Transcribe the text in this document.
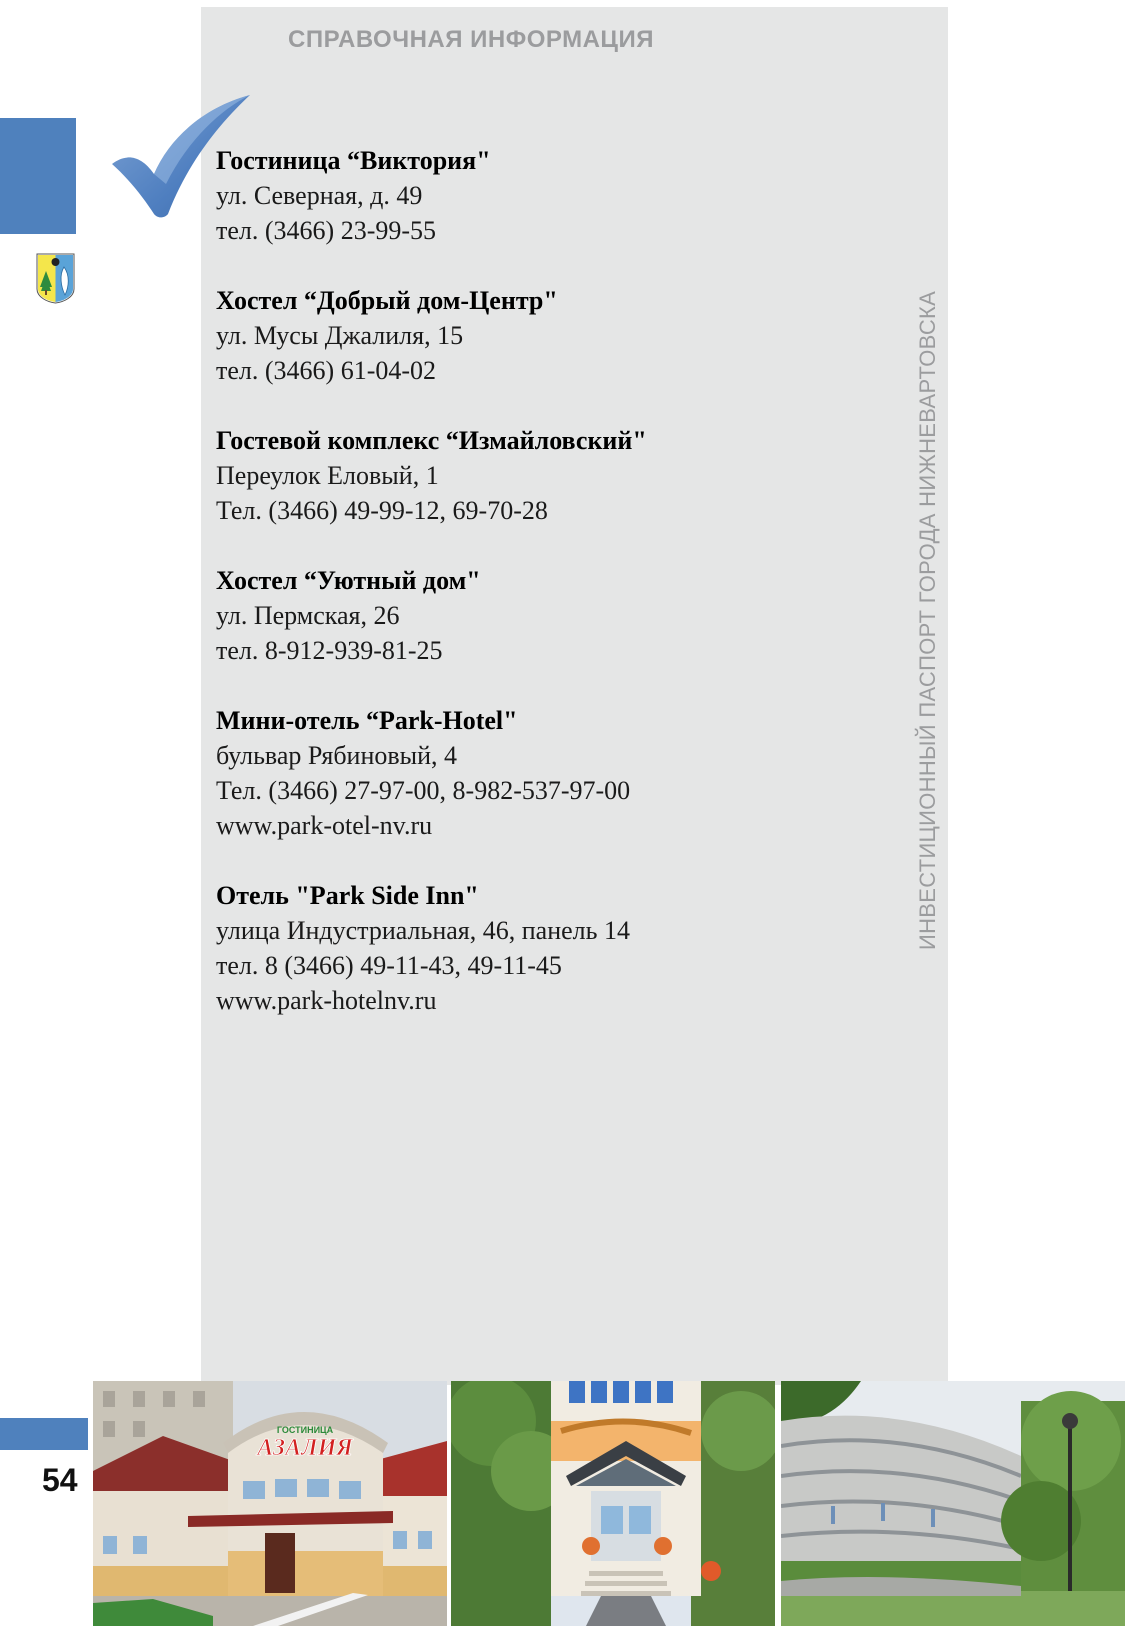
СПРАВОЧНАЯ ИНФОРМАЦИЯ
ИНВЕСТИЦИОННЫЙ ПАСПОРТ ГОРОДА НИЖНЕВАРТОВСКА
Гостиница “Виктория"
ул. Северная, д. 49
тел. (3466) 23-99-55
Хостел “Добрый дом-Центр"
ул. Мусы Джалиля, 15
тел. (3466) 61-04-02
Гостевой комплекс “Измайловский"
Переулок Еловый, 1
Тел. (3466) 49-99-12, 69-70-28
Хостел “Уютный дом"
ул. Пермская, 26
тел. 8-912-939-81-25
Мини-отель “Park-Hotel"
бульвар Рябиновый, 4
Тел. (3466) 27-97-00, 8-982-537-97-00
www.park-otel-nv.ru
Отель "Park Side Inn"
улица Индустриальная, 46, панель 14
тел. 8 (3466) 49-11-43, 49-11-45
www.park-hotelnv.ru
54
ГОСТИНИЦА
АЗАЛИЯ
